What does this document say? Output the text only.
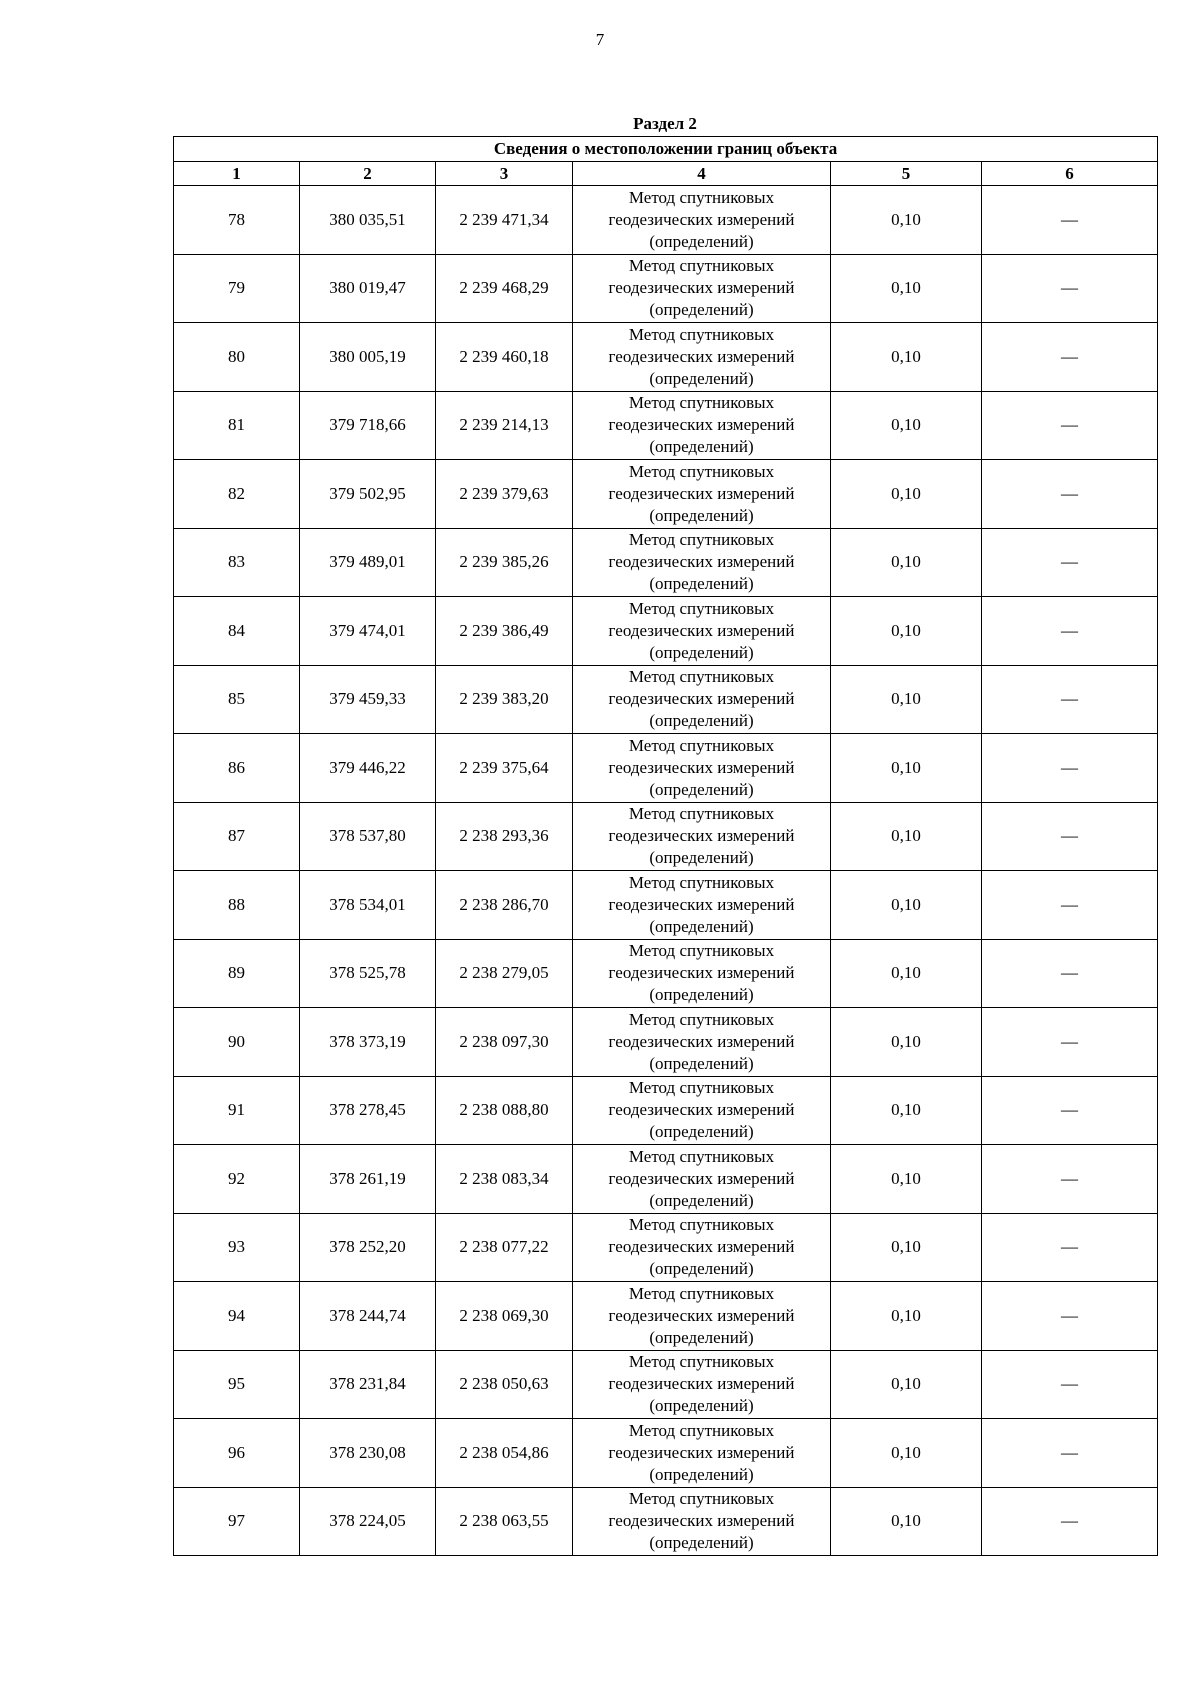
7
Раздел 2
Сведения о местоположении границ объекта					
1	2	3	4	5	6
78	380 035,51	2 239 471,34	Метод спутниковых
геодезических измерений
(определений)	0,10	—
79	380 019,47	2 239 468,29	Метод спутниковых
геодезических измерений
(определений)	0,10	—
80	380 005,19	2 239 460,18	Метод спутниковых
геодезических измерений
(определений)	0,10	—
81	379 718,66	2 239 214,13	Метод спутниковых
геодезических измерений
(определений)	0,10	—
82	379 502,95	2 239 379,63	Метод спутниковых
геодезических измерений
(определений)	0,10	—
83	379 489,01	2 239 385,26	Метод спутниковых
геодезических измерений
(определений)	0,10	—
84	379 474,01	2 239 386,49	Метод спутниковых
геодезических измерений
(определений)	0,10	—
85	379 459,33	2 239 383,20	Метод спутниковых
геодезических измерений
(определений)	0,10	—
86	379 446,22	2 239 375,64	Метод спутниковых
геодезических измерений
(определений)	0,10	—
87	378 537,80	2 238 293,36	Метод спутниковых
геодезических измерений
(определений)	0,10	—
88	378 534,01	2 238 286,70	Метод спутниковых
геодезических измерений
(определений)	0,10	—
89	378 525,78	2 238 279,05	Метод спутниковых
геодезических измерений
(определений)	0,10	—
90	378 373,19	2 238 097,30	Метод спутниковых
геодезических измерений
(определений)	0,10	—
91	378 278,45	2 238 088,80	Метод спутниковых
геодезических измерений
(определений)	0,10	—
92	378 261,19	2 238 083,34	Метод спутниковых
геодезических измерений
(определений)	0,10	—
93	378 252,20	2 238 077,22	Метод спутниковых
геодезических измерений
(определений)	0,10	—
94	378 244,74	2 238 069,30	Метод спутниковых
геодезических измерений
(определений)	0,10	—
95	378 231,84	2 238 050,63	Метод спутниковых
геодезических измерений
(определений)	0,10	—
96	378 230,08	2 238 054,86	Метод спутниковых
геодезических измерений
(определений)	0,10	—
97	378 224,05	2 238 063,55	Метод спутниковых
геодезических измерений
(определений)	0,10	—
